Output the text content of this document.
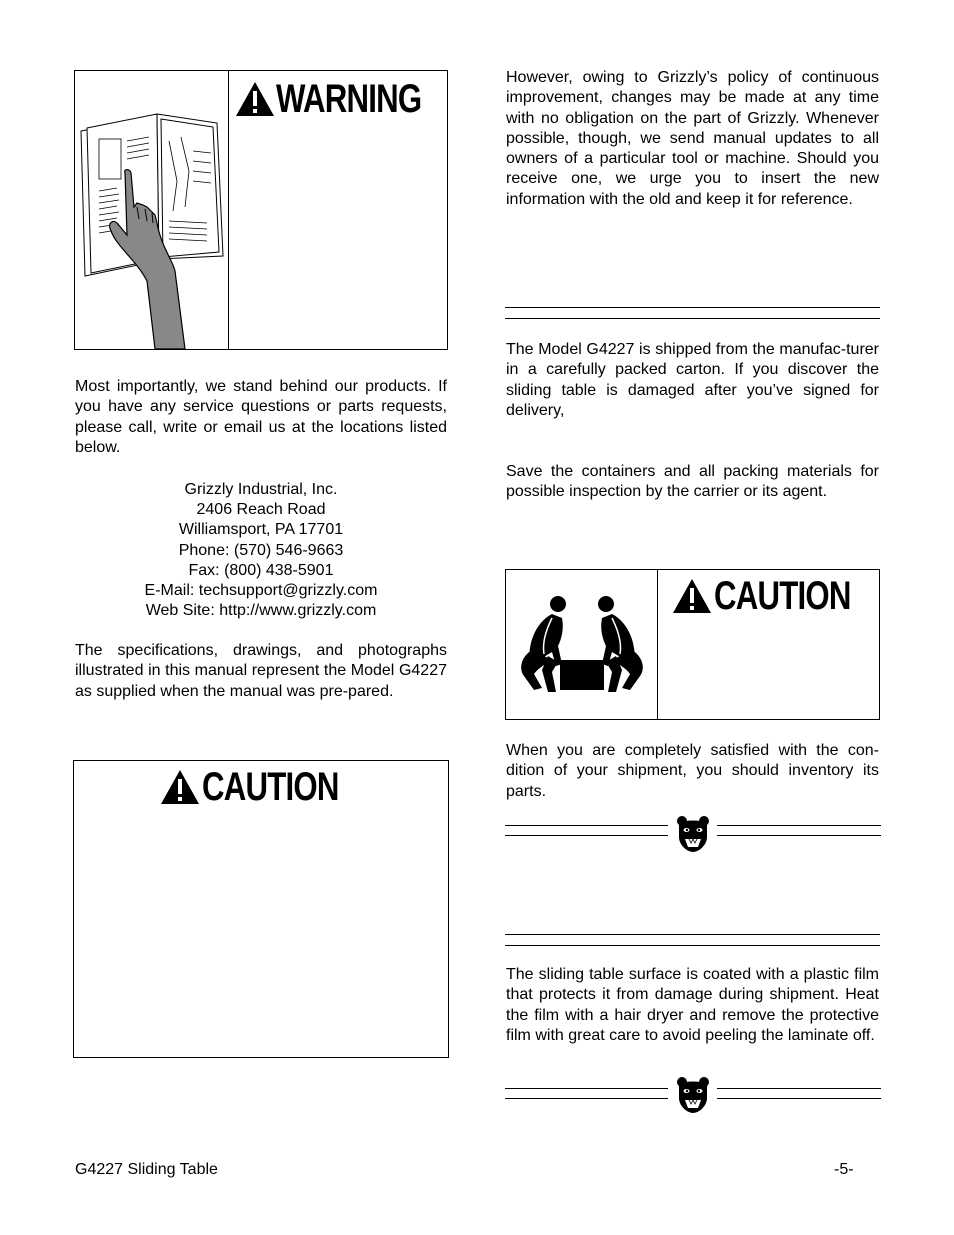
WARNING

Most importantly, we stand behind our products. If you have any service questions or parts requests, please call, write or email us at the locations listed below.

Grizzly Industrial, Inc.
2406 Reach Road
Williamsport, PA 17701
Phone: (570) 546-9663
Fax: (800) 438-5901
E-Mail: techsupport@grizzly.com
Web Site: http://www.grizzly.com

The specifications, drawings, and photographs illustrated in this manual represent the Model G4227 as supplied when the manual was pre-pared.

CAUTION

However, owing to Grizzly’s policy of continuous improvement, changes may be made at any time with no obligation on the part of Grizzly. Whenever possible, though, we send manual updates to all owners of a particular tool or machine. Should you receive one, we urge you to insert the new information with the old and keep it for reference.

The Model G4227 is shipped from the manufac-turer in a carefully packed carton. If you discover the sliding table is damaged after you’ve signed for delivery,

Save the containers and all packing materials for possible inspection by the carrier or its agent.

CAUTION

When you are completely satisfied with the con-dition of your shipment, you should inventory its parts.

The sliding table surface is coated with a plastic film that protects it from damage during shipment. Heat the film with a hair dryer and remove the protective film with great care to avoid peeling the laminate off.

G4227 Sliding Table	-5-
